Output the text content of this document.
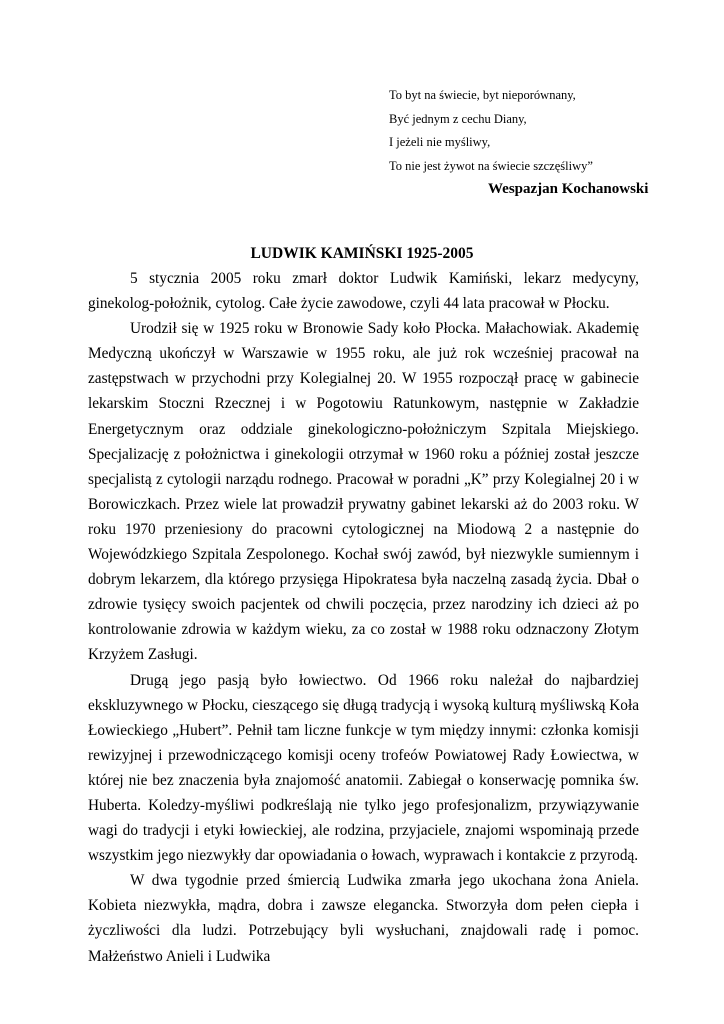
To byt na świecie, byt nieporównany,
Być jednym z cechu Diany,
I jeżeli nie myśliwy,
To nie jest żywot na świecie szczęśliwy”
Wespazjan Kochanowski
LUDWIK KAMIŃSKI 1925-2005

5 stycznia 2005 roku zmarł doktor Ludwik Kamiński, lekarz medycyny, ginekolog-położnik, cytolog. Całe życie zawodowe, czyli 44 lata pracował w Płocku.

Urodził się w 1925 roku w Bronowie Sady koło Płocka. Małachowiak. Akademię Medyczną ukończył w Warszawie w 1955 roku, ale już rok wcześniej pracował na zastępstwach w przychodni przy Kolegialnej 20. W 1955 rozpoczął pracę w gabinecie lekarskim Stoczni Rzecznej i w Pogotowiu Ratunkowym, następnie w Zakładzie Energetycznym oraz oddziale ginekologiczno-położniczym Szpitala Miejskiego. Specjalizację z położnictwa i ginekologii otrzymał w 1960 roku a później został jeszcze specjalistą z cytologii narządu rodnego. Pracował w poradni „K” przy Kolegialnej 20 i w Borowiczkach. Przez wiele lat prowadził prywatny gabinet lekarski aż do 2003 roku. W roku 1970 przeniesiony do pracowni cytologicznej na Miodową 2 a następnie do Wojewódzkiego Szpitala Zespolonego. Kochał swój zawód, był niezwykle sumiennym i dobrym lekarzem, dla którego przysięga Hipokratesa była naczelną zasadą życia. Dbał o zdrowie tysięcy swoich pacjentek od chwili poczęcia, przez narodziny ich dzieci aż po kontrolowanie zdrowia w każdym wieku, za co został w 1988 roku odznaczony Złotym Krzyżem Zasługi.

Drugą jego pasją było łowiectwo. Od 1966 roku należał do najbardziej ekskluzywnego w Płocku, cieszącego się długą tradycją i wysoką kulturą myśliwską Koła Łowieckiego „Hubert”. Pełnił tam liczne funkcje w tym między innymi: członka komisji rewizyjnej i przewodniczącego komisji oceny trofeów Powiatowej Rady Łowiectwa, w której nie bez znaczenia była znajomość anatomii. Zabiegał o konserwację pomnika św. Huberta. Koledzy-myśliwi podkreślają nie tylko jego profesjonalizm, przywiązywanie wagi do tradycji i etyki łowieckiej, ale rodzina, przyjaciele, znajomi wspominają przede wszystkim jego niezwykły dar opowiadania o łowach, wyprawach i kontakcie z przyrodą.

W dwa tygodnie przed śmiercią Ludwika zmarła jego ukochana żona Aniela. Kobieta niezwykła, mądra, dobra i zawsze elegancka. Stworzyła dom pełen ciepła i życzliwości dla ludzi. Potrzebujący byli wysłuchani, znajdowali radę i pomoc. Małżeństwo Anieli i Ludwika
